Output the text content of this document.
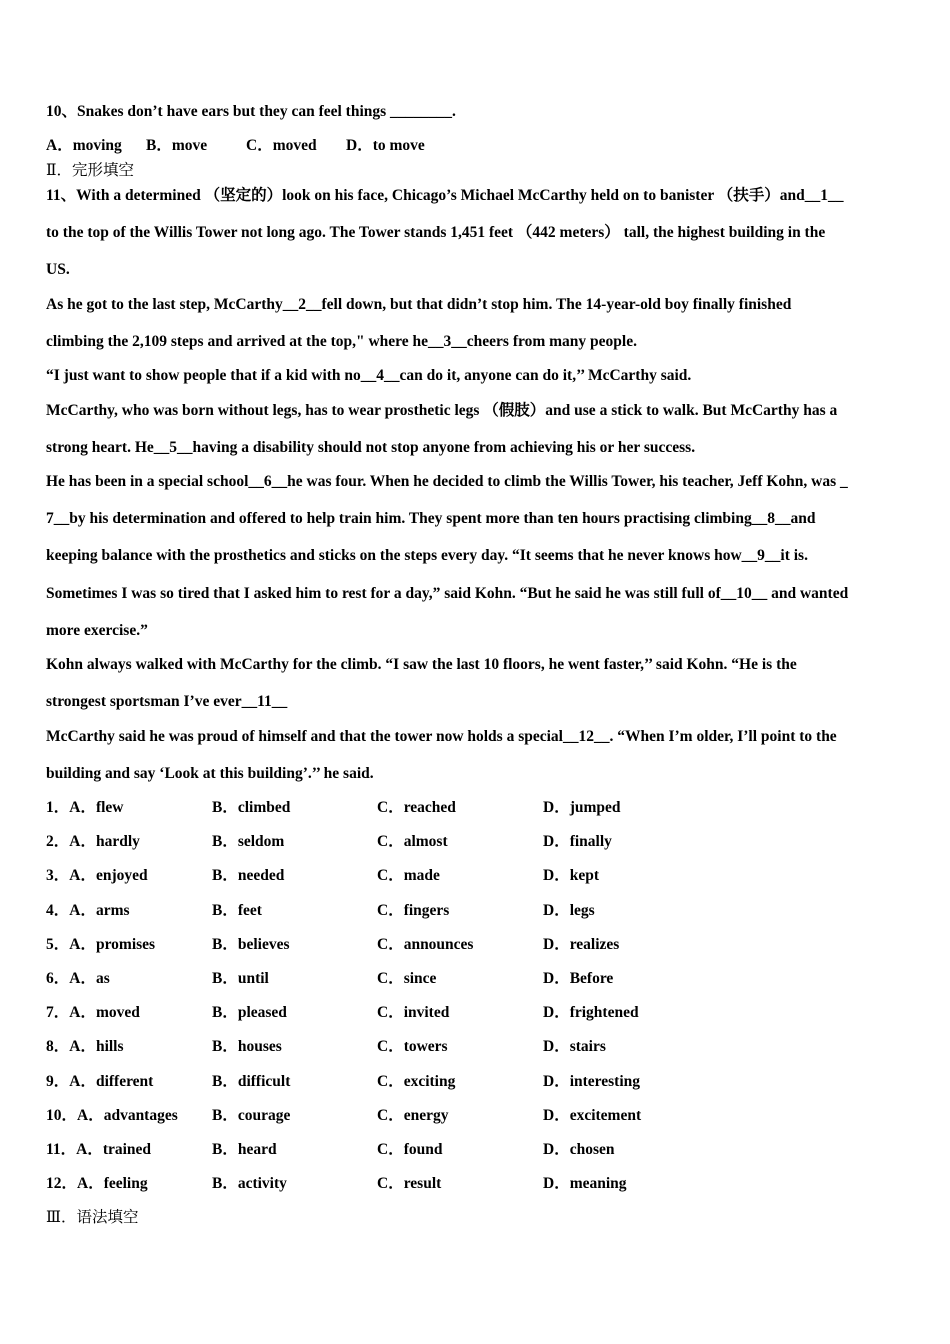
10、Snakes don’t have ears but they can feel things ________.
A．moving B．move	C．moved D．to move
Ⅱ．完形填空
11、With a determined （坚定的）look on his face, Chicago’s Michael McCarthy held on to banister （扶手）and__1__
to the top of the Willis Tower not long ago. The Tower stands 1,451 feet （442 meters） tall, the highest building in the
US.
As he got to the last step, McCarthy__2__fell down, but that didn’t stop him. The 14-year-old boy finally finished
climbing the 2,109 steps and arrived at the top," where he__3__cheers from many people.
“I just want to show people that if a kid with no__4__can do it, anyone can do it,’’ McCarthy said.
McCarthy, who was born without legs, has to wear prosthetic legs （假肢）and use a stick to walk. But McCarthy has a
strong heart. He__5__having a disability should not stop anyone from achieving his or her success.
He has been in a special school__6__he was four. When he decided to climb the Willis Tower, his teacher, Jeff Kohn, was _
7__by his determination and offered to help train him. They spent more than ten hours practising climbing__8__and
keeping balance with the prosthetics and sticks on the steps every day. “It seems that he never knows how__9__it is.
Sometimes I was so tired that I asked him to rest for a day,” said Kohn. “But he said he was still full of__10__ and wanted
more exercise.”
Kohn always walked with McCarthy for the climb. “I saw the last 10 floors, he went faster,’’ said Kohn. “He is the
strongest sportsman I’ve ever__11__
McCarthy said he was proud of himself and that the tower now holds a special__12__. “When I’m older, I’ll point to the
building and say ‘Look at this building’.’’ he said.
1．A．flew	B．climbed	C．reached	D．jumped
2．A．hardly	B．seldom	C．almost	D．finally
3．A．enjoyed	B．needed	C．made	D．kept
4．A．arms	B．feet	C．fingers	D．legs
5．A．promises	B．believes	C．announces	D．realizes
6．A．as	B．until	C．since	D．Before
7．A．moved	B．pleased	C．invited	D．frightened
8．A．hills	B．houses	C．towers	D．stairs
9．A．different	B．difficult	C．exciting	D．interesting
10．A．advantages B．courage	C．energy	D．excitement
11．A．trained	B．heard	C．found	D．chosen
12．A．feeling	B．activity	C．result	D．meaning
Ⅲ．语法填空
